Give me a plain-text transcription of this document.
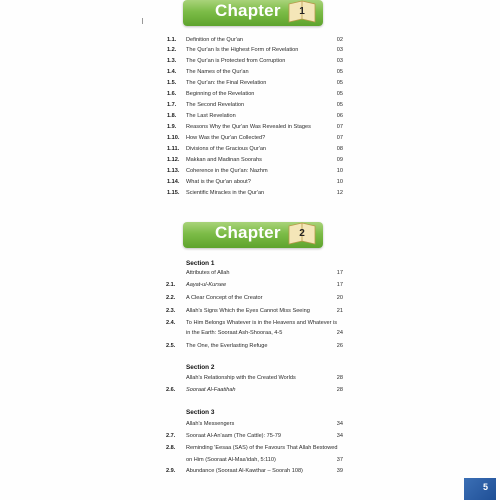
Chapter 1
1.1. Definition of the Qur'an	02
1.2. The Qur'an Is the Highest Form of Revelation	03
1.3. The Qur'an is Protected from Corruption	03
1.4. The Names of the Qur'an	05
1.5. The Qur'an: the Final Revelation	05
1.6. Beginning of the Revelation	05
1.7. The Second Revelation	05
1.8. The Last Revelation	06
1.9. Reasons Why the Qur'an Was Revealed in Stages	07
1.10. How Was the Qur'an Collected?	07
1.11. Divisions of the Gracious Qur'an	08
1.12. Makkan and Madinan Soorahs	09
1.13. Coherence in the Qur'an: Nazhm	10
1.14. What is the Qur'an about?	10
1.15. Scientific Miracles in the Qur'an	12
Chapter 2
Section 1
Attributes of Allah	17
2.1. Aayat-ul-Kursee	17
2.2. A Clear Concept of the Creator	20
2.3. Allah's Signs Which the Eyes Cannot Miss Seeing	21
2.4. To Him Belongs Whatever is in the Heavens and Whatever is
in the Earth: Sooraat Ash-Shooraa, 4-5	24
2.5. The One, the Everlasting Refuge	26
Section 2
Allah's Relationship with the Created Worlds	28
2.6. Sooraat Al-Faatihah	28
Section 3
Allah's Messengers	34
2.7. Sooraat Al-An'aam (The Cattle): 75-79	34
2.8. Reminding 'Eesaa (SAS) of the Favours That Allah Bestowed
on Him (Sooraat Al-Maa'idah, 5:110)	37
2.9. Abundance (Sooraat Al-Kawthar – Soorah 108)	39
5
